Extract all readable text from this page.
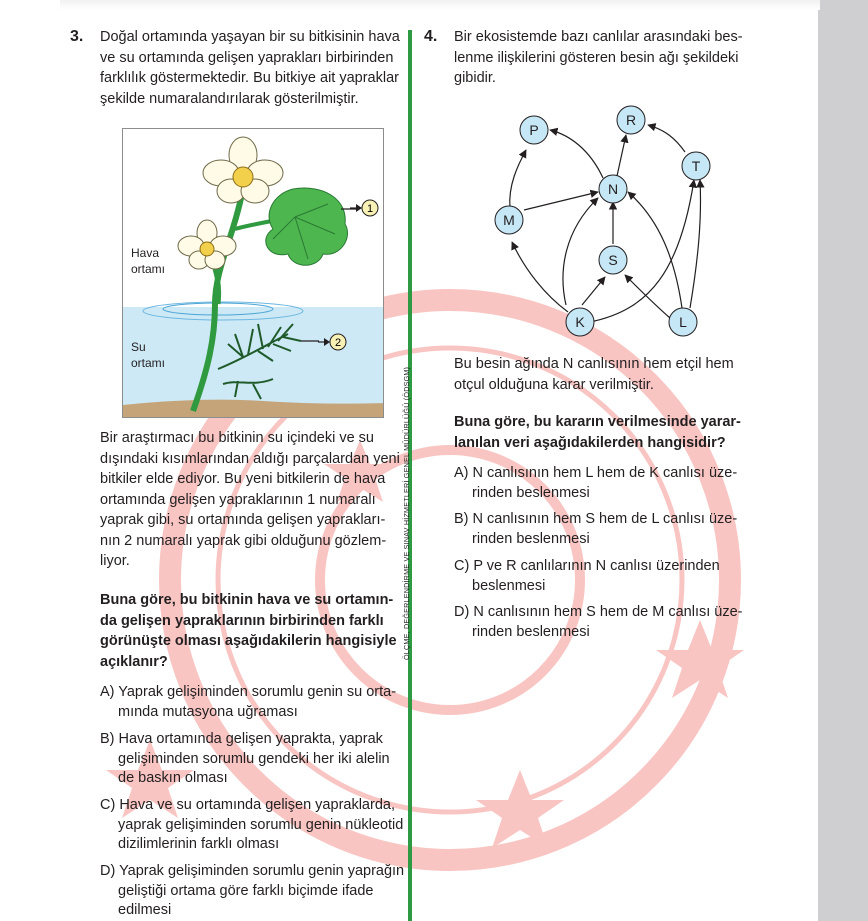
ÖLÇME, DEĞERLENDİRME VE SINAV HİZMETLERİ GENEL MÜDÜRLÜĞÜ (ÖDSGM)
3. Doğal ortamında yaşayan bir su bitkisinin hava
ve su ortamında gelişen yaprakları birbirinden
farklılık göstermektedir. Bu bitkiye ait yapraklar
şekilde numaralandırılarak gösterilmiştir.
Hava
ortamı
Su
ortamı
1
2
Bir araştırmacı bu bitkinin su içindeki ve su
dışındaki kısımlarından aldığı parçalardan yeni
bitkiler elde ediyor. Bu yeni bitkilerin de hava
ortamında gelişen yapraklarının 1 numaralı
yaprak gibi, su ortamında gelişen yaprakları-
nın 2 numaralı yaprak gibi olduğunu gözlem-
liyor.
Buna göre, bu bitkinin hava ve su ortamın-
da gelişen yapraklarının birbirinden farklı
görünüşte olması aşağıdakilerin hangisiyle
açıklanır?
A) Yaprak gelişiminden sorumlu genin su orta-
mında mutasyona uğraması
B) Hava ortamında gelişen yaprakta, yaprak
gelişiminden sorumlu gendeki her iki alelin
de baskın olması
C) Hava ve su ortamında gelişen yapraklarda,
yaprak gelişiminden sorumlu genin nükleotid
dizilimlerinin farklı olması
D) Yaprak gelişiminden sorumlu genin yaprağın
geliştiği ortama göre farklı biçimde ifade
edilmesi
4. Bir ekosistemde bazı canlılar arasındaki bes-
lenme ilişkilerini gösteren besin ağı şekildeki
gibidir.
P
R
T
N
M
S
K	L
Bu besin ağında N canlısının hem etçil hem
otçul olduğuna karar verilmiştir.
Buna göre, bu kararın verilmesinde yarar-
lanılan veri aşağıdakilerden hangisidir?
A) N canlısının hem L hem de K canlısı üze-
rinden beslenmesi
B) N canlısının hem S hem de L canlısı üze-
rinden beslenmesi
C) P ve R canlılarının N canlısı üzerinden
beslenmesi
D) N canlısının hem S hem de M canlısı üze-
rinden beslenmesi
